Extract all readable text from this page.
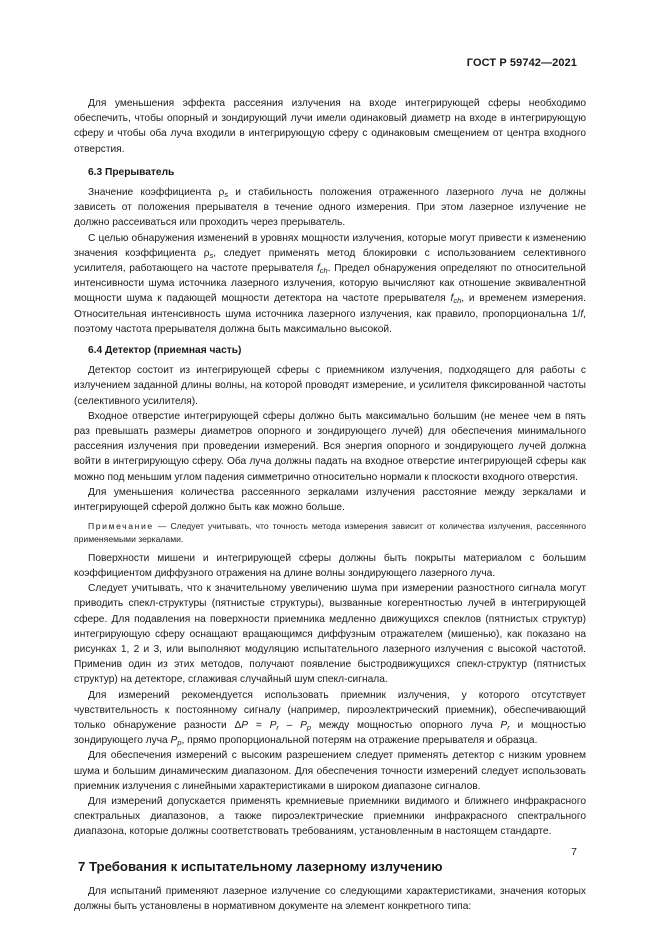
ГОСТ Р 59742—2021

Для уменьшения эффекта рассеяния излучения на входе интегрирующей сферы необходимо обеспечить, чтобы опорный и зондирующий лучи имели одинаковый диаметр на входе в интегрирующую сферу и чтобы оба луча входили в интегрирующую сферу с одинаковым смещением от центра входного отверстия.

6.3 Прерыватель

Значение коэффициента $\rho_s$ и стабильность положения отраженного лазерного луча не должны зависеть от положения прерывателя в течение одного измерения. При этом лазерное излучение не должно рассеиваться или проходить через прерыватель.

С целью обнаружения изменений в уровнях мощности излучения, которые могут привести к изменению значения коэффициента $\rho_s$, следует применять метод блокировки с использованием селективного усилителя, работающего на частоте прерывателя $f_{ch}$. Предел обнаружения определяют по относительной интенсивности шума источника лазерного излучения, которую вычисляют как отношение эквивалентной мощности шума к падающей мощности детектора на частоте прерывателя $f_{ch}$, и временем измерения. Относительная интенсивность шума источника лазерного излучения, как правило, пропорциональна 1/f, поэтому частота прерывателя должна быть максимально высокой.

6.4 Детектор (приемная часть)

Детектор состоит из интегрирующей сферы с приемником излучения, подходящего для работы с излучением заданной длины волны, на которой проводят измерение, и усилителя фиксированной частоты (селективного усилителя).

Входное отверстие интегрирующей сферы должно быть максимально большим (не менее чем в пять раз превышать размеры диаметров опорного и зондирующего лучей) для обеспечения минимального рассеяния излучения при проведении измерений. Вся энергия опорного и зондирующего лучей должна войти в интегрирующую сферу. Оба луча должны падать на входное отверстие интегрирующей сферы как можно под меньшим углом падения симметрично относительно нормали к плоскости входного отверстия.

Для уменьшения количества рассеянного зеркалами излучения расстояние между зеркалами и интегрирующей сферой должно быть как можно больше.

Примечание — Следует учитывать, что точность метода измерения зависит от количества излучения, рассеянного применяемыми зеркалами.

Поверхности мишени и интегрирующей сферы должны быть покрыты материалом с большим коэффициентом диффузного отражения на длине волны зондирующего лазерного луча.

Следует учитывать, что к значительному увеличению шума при измерении разностного сигнала могут приводить спекл-структуры (пятнистые структуры), вызванные когерентностью лучей в интегрирующей сфере. Для подавления на поверхности приемника медленно движущихся спеклов (пятнистых структур) интегрирующую сферу оснащают вращающимся диффузным отражателем (мишенью), как показано на рисунках 1, 2 и 3, или выполняют модуляцию испытательного лазерного излучения с высокой частотой. Применив один из этих методов, получают появление быстродвижущихся спекл-структур (пятнистых структур) на детекторе, сглаживая случайный шум спекл-сигнала.

Для измерений рекомендуется использовать приемник излучения, у которого отсутствует чувствительность к постоянному сигналу (например, пироэлектрический приемник), обеспечивающий только обнаружение разности $\Delta P = P_r - P_p$ между мощностью опорного луча $P_r$ и мощностью зондирующего луча $P_p$, прямо пропорциональной потерям на отражение прерывателя и образца.

Для обеспечения измерений с высоким разрешением следует применять детектор с низким уровнем шума и большим динамическим диапазоном. Для обеспечения точности измерений следует использовать приемник излучения с линейными характеристиками в широком диапазоне сигналов.

Для измерений допускается применять кремниевые приемники видимого и ближнего инфракрасного спектральных диапазонов, а также пироэлектрические приемники инфракрасного спектрального диапазона, которые должны соответствовать требованиям, установленным в настоящем стандарте.

7 Требования к испытательному лазерному излучению

Для испытаний применяют лазерное излучение со следующими характеристиками, значения которых должны быть установлены в нормативном документе на элемент конкретного типа:

7
